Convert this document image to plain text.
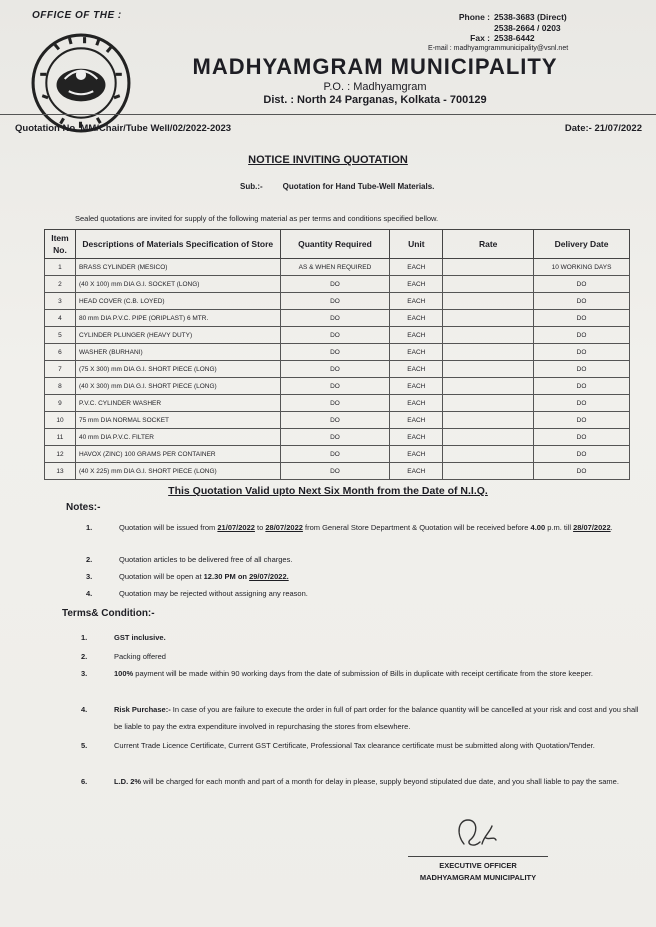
OFFICE OF THE :	Phone : 2538-3683 (Direct)
2538-2664 / 0203
Fax : 2538-6442
E-mail : madhyamgrammunicipality@vsnl.net
MADHYAMGRAM MUNICIPALITY
P.O. : Madhyamgram
Dist. : North 24 Parganas, Kolkata - 700129
Quotation No. MM/Chair/Tube Well/02/2022-2023	Date:- 21/07/2022
NOTICE INVITING QUOTATION
Sub.:-	Quotation for Hand Tube-Well Materials.
Sealed quotations are invited for supply of the following material as per terms and conditions specified bellow.
Item No.	Descriptions of Materials Specification of Store	Quantity Required	Unit	Rate	Delivery Date
1	BRASS CYLINDER (MESICO)	AS & WHEN REQUIRED	EACH		10 WORKING DAYS
2	(40 X 100) mm DIA G.I. SOCKET (LONG)	DO	EACH		DO
3	HEAD COVER (C.B. LOYED)	DO	EACH		DO
4	80 mm DIA P.V.C. PIPE (ORIPLAST) 6 MTR.	DO	EACH		DO
5	CYLINDER PLUNGER (HEAVY DUTY)	DO	EACH		DO
6	WASHER (BURHANI)	DO	EACH		DO
7	(75 X 300) mm DIA G.I. SHORT PIECE (LONG)	DO	EACH		DO
8	(40 X 300) mm DIA G.I. SHORT PIECE (LONG)	DO	EACH		DO
9	P.V.C. CYLINDER WASHER	DO	EACH		DO
10	75 mm DIA NORMAL SOCKET	DO	EACH		DO
11	40 mm DIA P.V.C. FILTER	DO	EACH		DO
12	HAVOX (ZINC) 100 GRAMS PER CONTAINER	DO	EACH		DO
13	(40 X 225) mm DIA G.I. SHORT PIECE (LONG)	DO	EACH		DO
This Quotation Valid upto Next Six Month from the Date of N.I.Q.
Notes:-
1.	Quotation will be issued from 21/07/2022 to 28/07/2022 from General Store Department & Quotation will be received before 4.00 p.m. till 28/07/2022.
2.	Quotation articles to be delivered free of all charges.
3.	Quotation will be open at 12.30 PM on 29/07/2022.
4.	Quotation may be rejected without assigning any reason.
Terms& Condition:-
1.	GST inclusive.
2.	Packing offered
3.	100% payment will be made within 90 working days from the date of submission of Bills in duplicate with receipt certificate from the store keeper.
4.	Risk Purchase:- In case of you are failure to execute the order in full of part order for the balance quantity will be cancelled at your risk and cost and you shall be liable to pay the extra expenditure involved in repurchasing the stores from elsewhere.
5.	Current Trade Licence Certificate, Current GST Certificate, Professional Tax clearance certificate must be submitted along with Quotation/Tender.
6.	L.D. 2% will be charged for each month and part of a month for delay in please, supply beyond stipulated due date, and you shall liable to pay the same.
EXECUTIVE OFFICER
MADHYAMGRAM MUNICIPALITY
